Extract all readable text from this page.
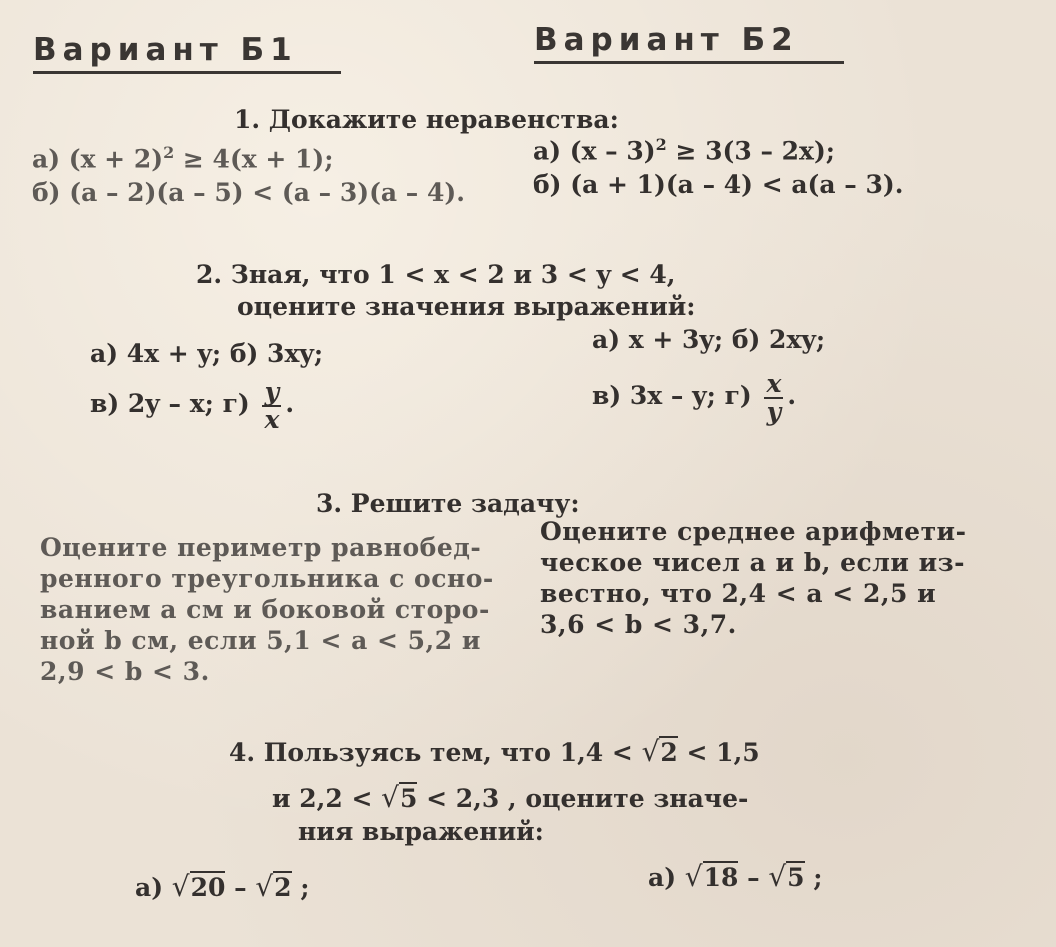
Вариант Б1	Вариант Б2
1. Докажите неравенства:
а) $(x + 2)^2 \ge 4(x + 1)$;
б) (a – 2)(a – 5) < (a – 3)(a – 4).
а) (x – 3)$^2$ ≥ 3(3 – 2x);
б) (a + 1)(a – 4) < a(a – 3).
2. Зная, что 1 < x < 2 и 3 < y < 4,
оцените значения выражений:
а) 4x + y; б) 3xy;
в) 2y – x; $г) \frac{y}{x}$ .
а) x + 3y; б) 2xy;
в) 3x – y; $г) \frac{x}{y}$ .
3. Решите задачу:
Оцените периметр равнобед-
ренного треугольника с осно-
ванием a см и боковой сторо-
ной b см, если 5,1 < a < 5,2 и
2,9 < b < 3.
Оцените среднее арифмети-
ческое чисел a и b, если из-
вестно, что 2,4 < a < 2,5 и
3,6 < b < 3,7.
4. Пользуясь тем, что 1,4 < √2 < 1,5
и 2,2 < √5 < 2,3 , оцените значе-
ния выражений:
а) √20 – √2 ;	а) √18 – √5 ;
